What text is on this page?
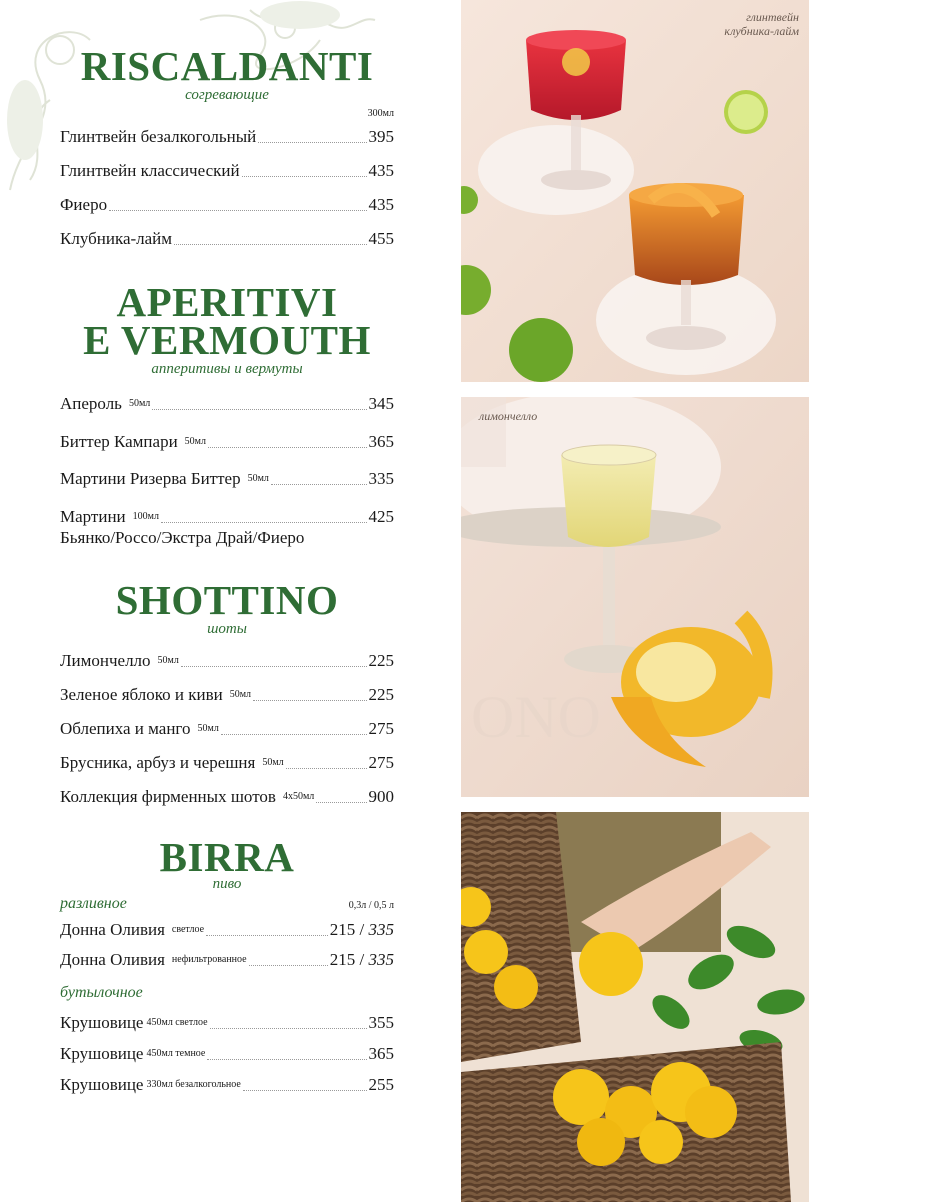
RISCALDANTI

согревающие

300мл
Глинтвейн безалкогольный	395
Глинтвейн классический	435
Фиеро	435
Клубника-лайм	455
APERITIVI
E VERMOUTH

аппeритивы и вермуты

Апероль 50мл	345
Биттер Кампари 50мл	365
Мартини Ризерва Биттер 50мл	335
Мартини 100мл	425
Бьянко/Россо/Экстра Драй/Фиеро
SHOTTINO

шоты

Лимончелло 50мл	225
Зеленое яблоко и киви 50мл	225
Облепиха и манго 50мл	275
Брусника, арбуз и черешня 50мл	275
Коллекция фирменных шотов 4х50мл	900
BIRRA

пиво

разливное	0,3л / 0,5 л
Донна Оливия светлое	215 / 335
Донна Оливия нефильтрованное	215 / 335
бутылочное
Крушовице 450мл светлое	355
Крушовице 450мл темное	365
Крушовице 330мл безалкогольное	255
глинтвейн
клубника-лайм
ONO
лимончелло
